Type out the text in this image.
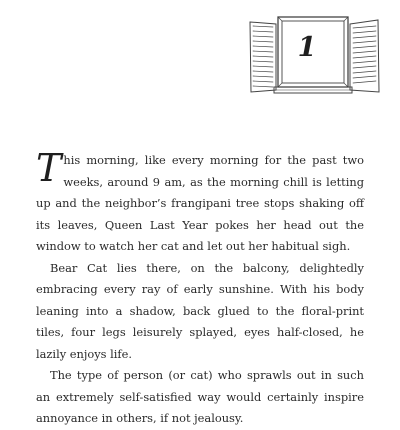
1

This morning, like every morning for the past two weeks, around 9 am, as the morning chill is letting up and the neighbor’s frangipani tree stops shaking off its leaves, Queen Last Year pokes her head out the window to watch her cat and let out her habitual sigh.

Bear Cat lies there, on the balcony, delightedly embracing every ray of early sunshine. With his body leaning into a shadow, back glued to the floral-print tiles, four legs leisurely splayed, eyes half-closed, he lazily enjoys life.

The type of person (or cat) who sprawls out in such an extremely self-satisfied way would certainly inspire annoyance in others, if not jealousy.
